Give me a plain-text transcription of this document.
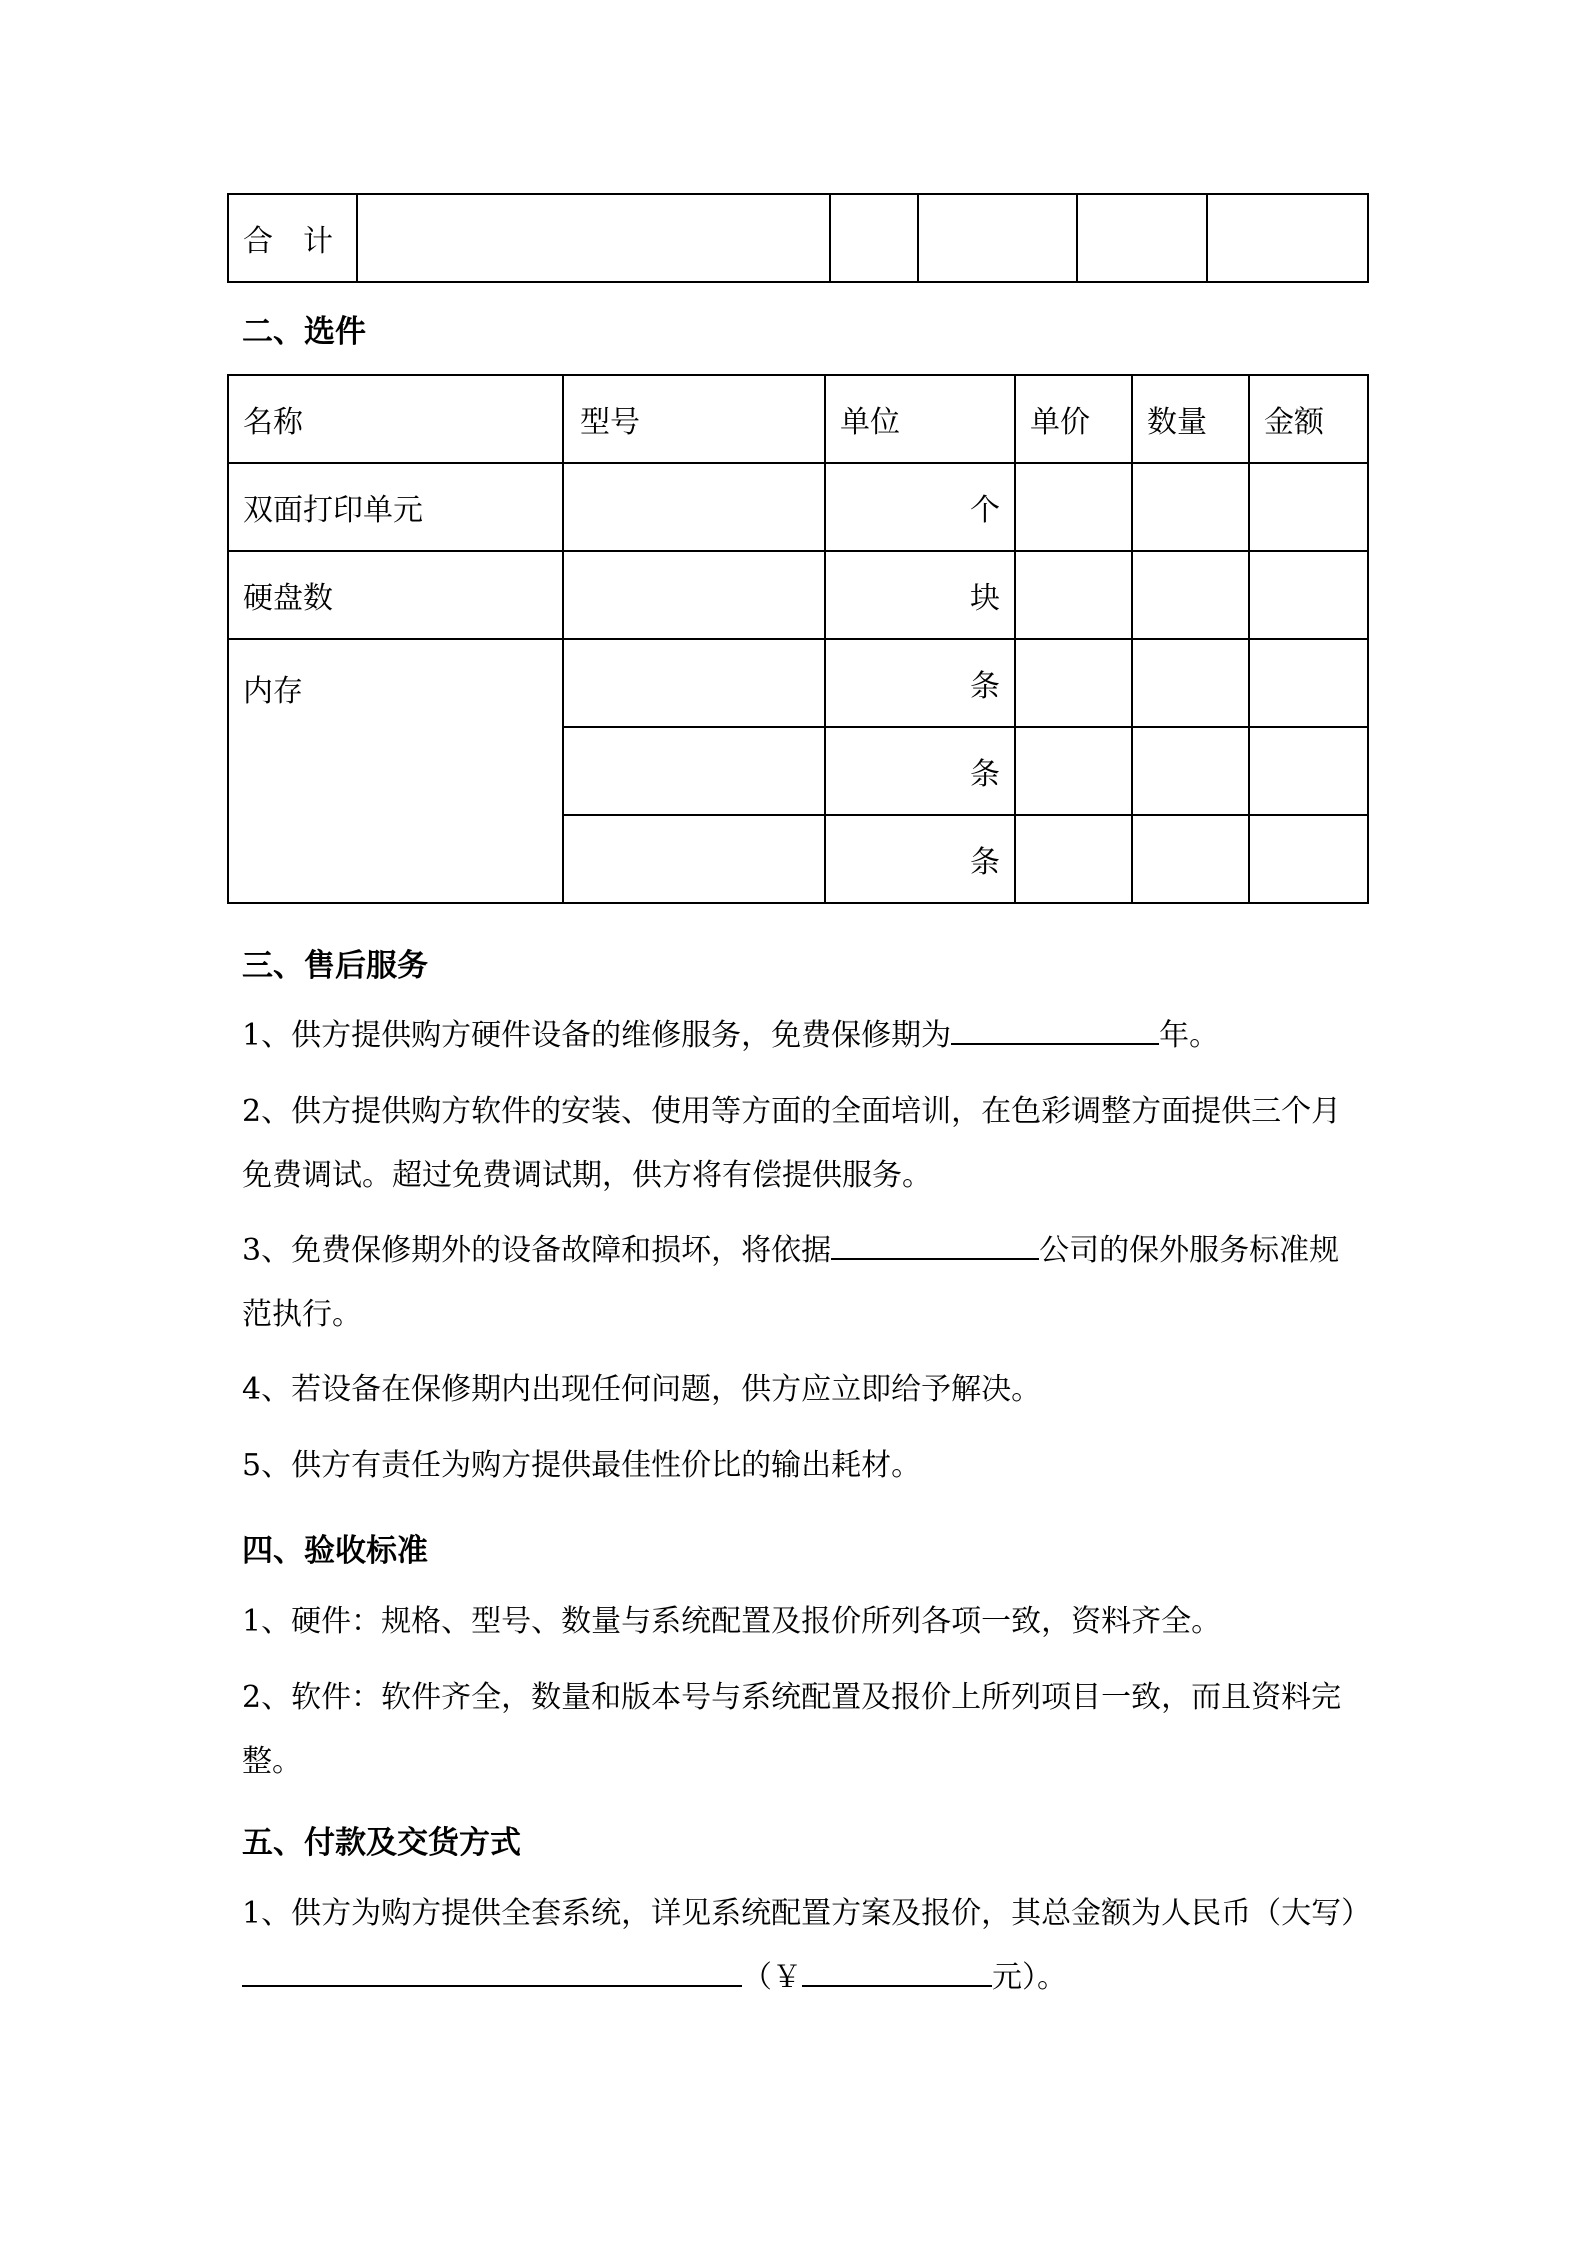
合　计					
二、选件
名称	型号	单位	单价	数量	金额
双面打印单元		个			
硬盘数		块			
内存		条			
		条			
		条			
三、售后服务

1、供方提供购方硬件设备的维修服务，免费保修期为	年。

2、供方提供购方软件的安装、使用等方面的全面培训，在色彩调整方面提供三个月免费调试。超过免费调试期，供方将有偿提供服务。

3、免费保修期外的设备故障和损坏，将依据	公司的保外服务标准规范执行。

4、若设备在保修期内出现任何问题，供方应立即给予解决。

5、供方有责任为购方提供最佳性价比的输出耗材。

四、验收标准

1、硬件：规格、型号、数量与系统配置及报价所列各项一致，资料齐全。

2、软件：软件齐全，数量和版本号与系统配置及报价上所列项目一致，而且资料完整。

五、付款及交货方式

1、供方为购方提供全套系统，详见系统配置方案及报价，其总金额为人民币（大写）（￥	元）。
